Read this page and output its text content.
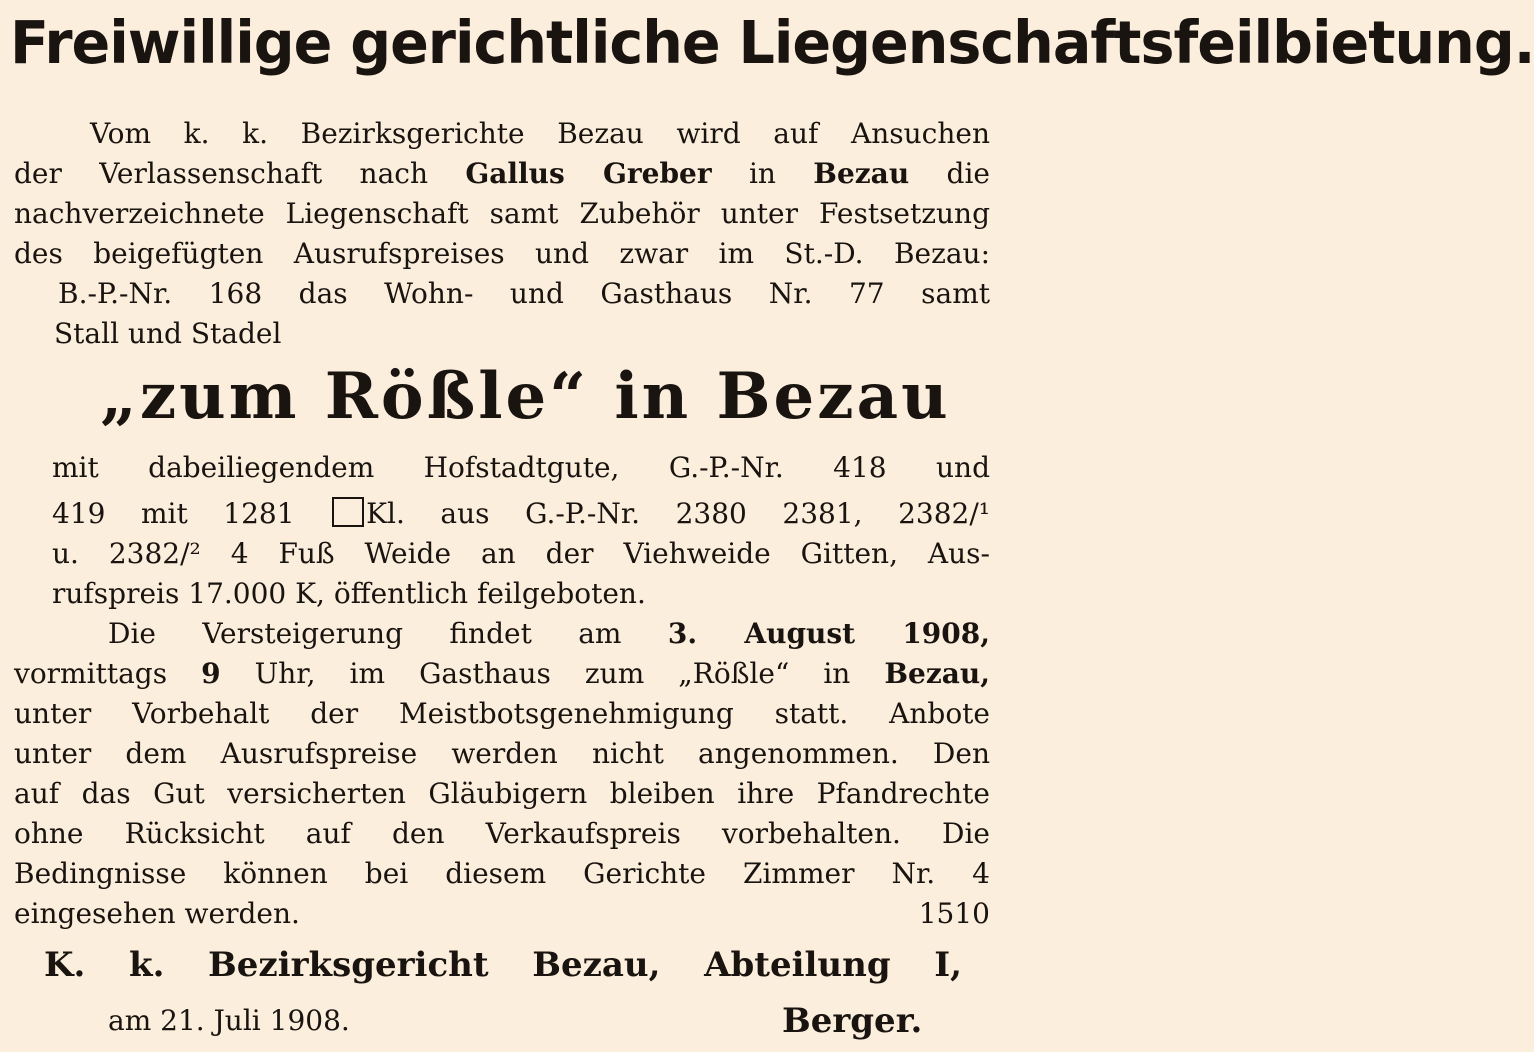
Freiwillige gerichtliche Liegenschaftsfeilbietung.
Vom k. k. Bezirksgerichte Bezau wird auf Ansuchen
der Verlassenschaft nach Gallus Greber in Bezau die
nachverzeichnete Liegenschaft samt Zubehör unter Festsetzung
des beigefügten Ausrufspreises und zwar im St.-D. Bezau:
B.-P.-Nr. 168 das Wohn- und Gasthaus Nr. 77 samt
Stall und Stadel
„zum Rößle“ in Bezau
mit dabeiliegendem Hofstadtgute, G.-P.-Nr. 418 und
419 mit 1281	Kl. aus G.-P.-Nr. 2380 2381, 2382/¹
u. 2382/² 4 Fuß Weide an der Viehweide Gitten, Aus-
rufspreis 17.000 K, öffentlich feilgeboten.
Die Versteigerung findet am 3. August 1908,
vormittags 9 Uhr, im Gasthaus zum „Rößle“ in Bezau,
unter Vorbehalt der Meistbotsgenehmigung statt. Anbote
unter dem Ausrufspreise werden nicht angenommen. Den
auf das Gut versicherten Gläubigern bleiben ihre Pfandrechte
ohne Rücksicht auf den Verkaufspreis vorbehalten. Die
Bedingnisse können bei diesem Gerichte Zimmer Nr. 4
eingesehen werden.	1510
K. k. Bezirksgericht Bezau, Abteilung I,
am 21. Juli 1908.	Berger.
